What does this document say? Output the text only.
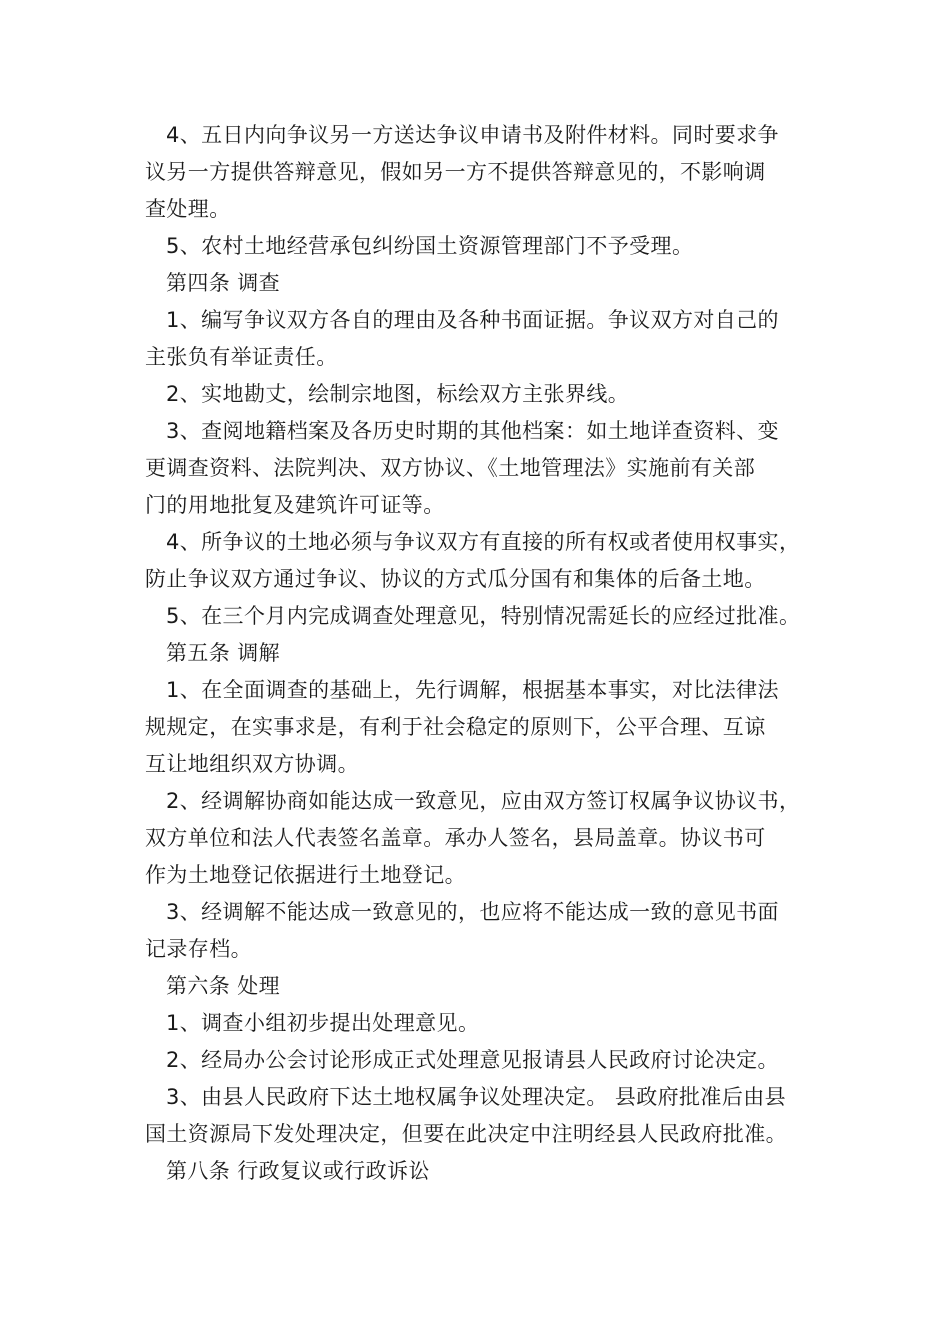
4、五日内向争议另一方送达争议申请书及附件材料。同时要求争
议另一方提供答辩意见，假如另一方不提供答辩意见的，不影响调
查处理。
5、农村土地经营承包纠纷国土资源管理部门不予受理。
第四条 调查
1、编写争议双方各自的理由及各种书面证据。争议双方对自己的
主张负有举证责任。
2、实地勘丈，绘制宗地图，标绘双方主张界线。
3、查阅地籍档案及各历史时期的其他档案：如土地详查资料、变
更调查资料、法院判决、双方协议、《土地管理法》实施前有关部
门的用地批复及建筑许可证等。
4、所争议的土地必须与争议双方有直接的所有权或者使用权事实，
防止争议双方通过争议、协议的方式瓜分国有和集体的后备土地。
5、在三个月内完成调查处理意见，特别情况需延长的应经过批准。
第五条 调解
1、在全面调查的基础上，先行调解，根据基本事实，对比法律法
规规定，在实事求是，有利于社会稳定的原则下，公平合理、互谅
互让地组织双方协调。
2、经调解协商如能达成一致意见，应由双方签订权属争议协议书，
双方单位和法人代表签名盖章。承办人签名，县局盖章。协议书可
作为土地登记依据进行土地登记。
3、经调解不能达成一致意见的，也应将不能达成一致的意见书面
记录存档。
第六条 处理
1、调查小组初步提出处理意见。
2、经局办公会讨论形成正式处理意见报请县人民政府讨论决定。
3、由县人民政府下达土地权属争议处理决定。 县政府批准后由县
国土资源局下发处理决定，但要在此决定中注明经县人民政府批准。
第八条 行政复议或行政诉讼
